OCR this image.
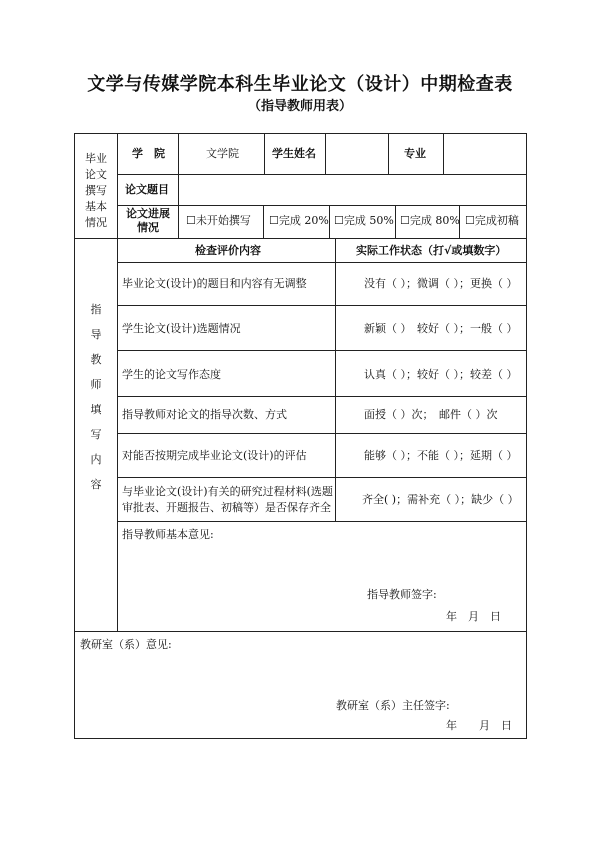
文学与传媒学院本科生毕业论文（设计）中期检查表
（指导教师用表）
毕业
论文
撰写
基本
情况
学　院	文学院	学生姓名	专业
论文题目
论文进展
情况
☐未开始撰写 ☐完成 20% ☐完成 50% ☐完成 80% ☐完成初稿
指
导
教
师
填
写
内
容
检查评价内容	实际工作状态（打√或填数字）
毕业论文(设计)的题目和内容有无调整	没有（ ）；微调（ ）；更换（ ）
学生论文(设计)选题情况	新颖（ ）　较好（ ）；一般（ ）
学生的论文写作态度	认真（ ）；较好（ ）；较差（ ）
指导教师对论文的指导次数、方式	面授（ ）次；　邮件（ ）次
对能否按期完成毕业论文(设计)的评估	能够（ ）；不能（ ）；延期（ ）
与毕业论文(设计)有关的研究过程材料(选题
审批表、开题报告、初稿等）是否保存齐全
齐全( )；需补充（ ）；缺少（ ）
指导教师基本意见:
指导教师签字:
年　月　日
教研室（系）意见:
教研室（系）主任签字:
年　　月　日
